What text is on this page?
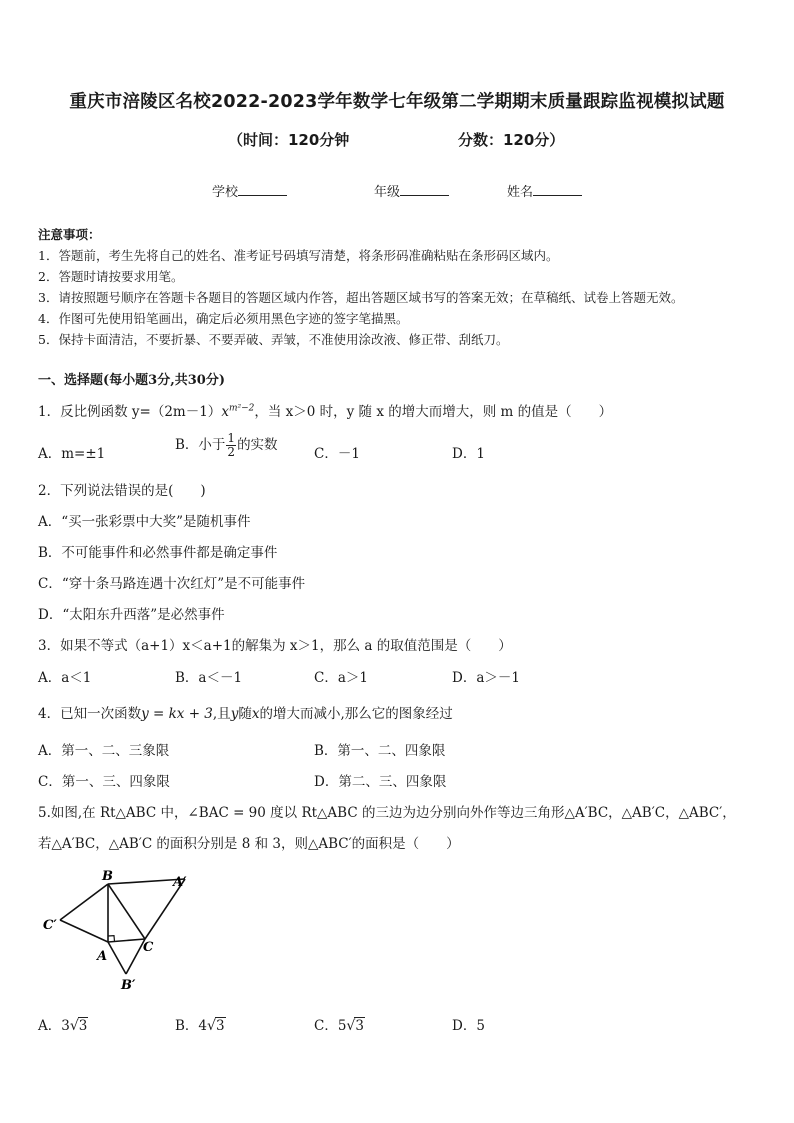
重庆市涪陵区名校2022-2023学年数学七年级第二学期期末质量跟踪监视模拟试题
（时间：120分钟	分数：120分）
学校	年级	姓名
注意事项：
1．答题前，考生先将自己的姓名、准考证号码填写清楚，将条形码准确粘贴在条形码区域内。
2．答题时请按要求用笔。
3．请按照题号顺序在答题卡各题目的答题区域内作答，超出答题区域书写的答案无效；在草稿纸、试卷上答题无效。
4．作图可先使用铅笔画出，确定后必须用黑色字迹的签字笔描黑。
5．保持卡面清洁，不要折暴、不要弄破、弄皱，不准使用涂改液、修正带、刮纸刀。
一、选择题(每小题3分,共30分)
1．反比例函数 $y=(2m-1)x^{m^2-2}$，当 x＞0 时，y 随 x 的增大而增大，则 m 的值是（　　）
A．m=±1
B．小于 $\frac{1}{2}$ 的实数
C．－1	D．1
2．下列说法错误的是(　　)
A．“买一张彩票中大奖”是随机事件
B．不可能事件和必然事件都是确定事件
C．“穿十条马路连遇十次红灯”是不可能事件
D．“太阳东升西落”是必然事件
3．如果不等式（a+1）x＜a+1的解集为 x＞1，那么 a 的取值范围是（　　）
A．a＜1	B．a＜－1	C．a＞1	D．a＞－1
4．已知一次函数y = kx + 3,且y随x的增大而减小,那么它的图象经过
A．第一、二、三象限	B．第一、二、四象限
C．第一、三、四象限	D．第二、三、四象限
5.如图,在 Rt△ABC 中，∠BAC = 90 度以 Rt△ABC 的三边为边分别向外作等边三角形△A′BC，△AB′C，△ABC′，
若△A′BC，△AB′C 的面积分别是 8 和 3，则△ABC′的面积是（　　）
B	A′
C′
A
C
B′
A．3√3	B．4√3	C．5√3	D．5
